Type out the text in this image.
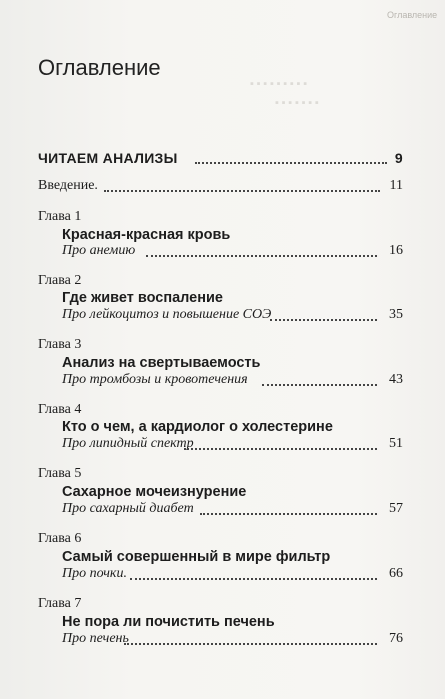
Оглавление
▪ ▪ ▪ ▪ ▪ ▪ ▪ ▪ ▪
▪ ▪ ▪ ▪ ▪ ▪ ▪
Оглавление
ЧИТАЕМ АНАЛИЗЫ	9
Введение.	11
Глава 1
Красная-красная кровь
Про анемию	16
Глава 2
Где живет воспаление
Про лейкоцитоз и повышение СОЭ	35
Глава 3
Анализ на свертываемость
Про тромбозы и кровотечения	43
Глава 4
Кто о чем, а кардиолог о холестерине
Про липидный спектр	51
Глава 5
Сахарное мочеизнурение
Про сахарный диабет	57
Глава 6
Самый совершенный в мире фильтр
Про почки.	66
Глава 7
Не пора ли почистить печень
Про печень	76
